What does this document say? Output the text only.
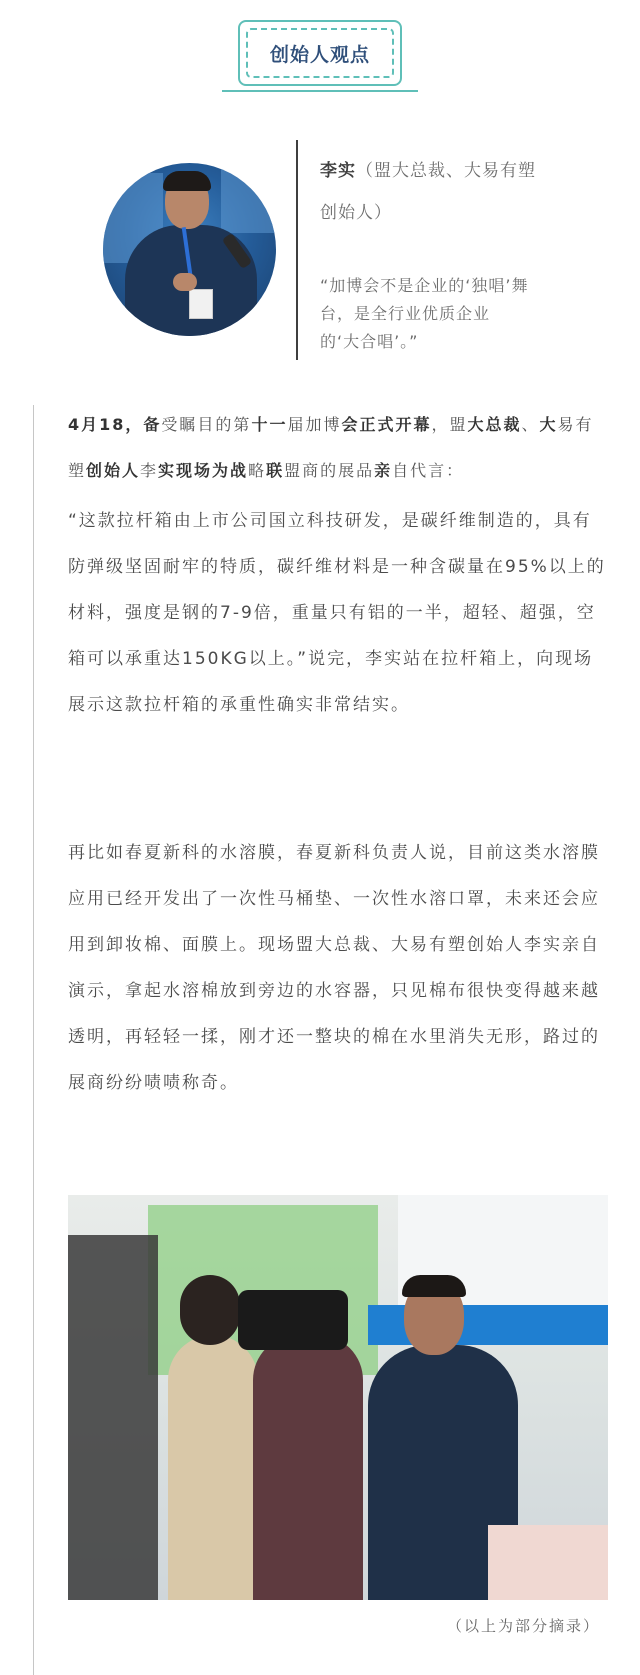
创始人观点
李实（盟大总裁、大易有塑创始人）
“加博会不是企业的‘独唱’舞台，是全行业优质企业的‘大合唱’。”
4月18，备受瞩目的第十一届加博会正式开幕，盟大总裁、大易有塑创始人李实现场为战略联盟商的展品亲自代言：
“这款拉杆箱由上市公司国立科技研发，是碳纤维制造的，具有防弹级坚固耐牢的特质，碳纤维材料是一种含碳量在95%以上的材料，强度是钢的7-9倍，重量只有铝的一半，超轻、超强，空箱可以承重达150KG以上。”说完，李实站在拉杆箱上，向现场展示这款拉杆箱的承重性确实非常结实。
再比如春夏新科的水溶膜，春夏新科负责人说，目前这类水溶膜应用已经开发出了一次性马桶垫、一次性水溶口罩，未来还会应用到卸妆棉、面膜上。现场盟大总裁、大易有塑创始人李实亲自演示，拿起水溶棉放到旁边的水容器，只见棉布很快变得越来越透明，再轻轻一揉，刚才还一整块的棉在水里消失无形，路过的展商纷纷啧啧称奇。
（以上为部分摘录）
